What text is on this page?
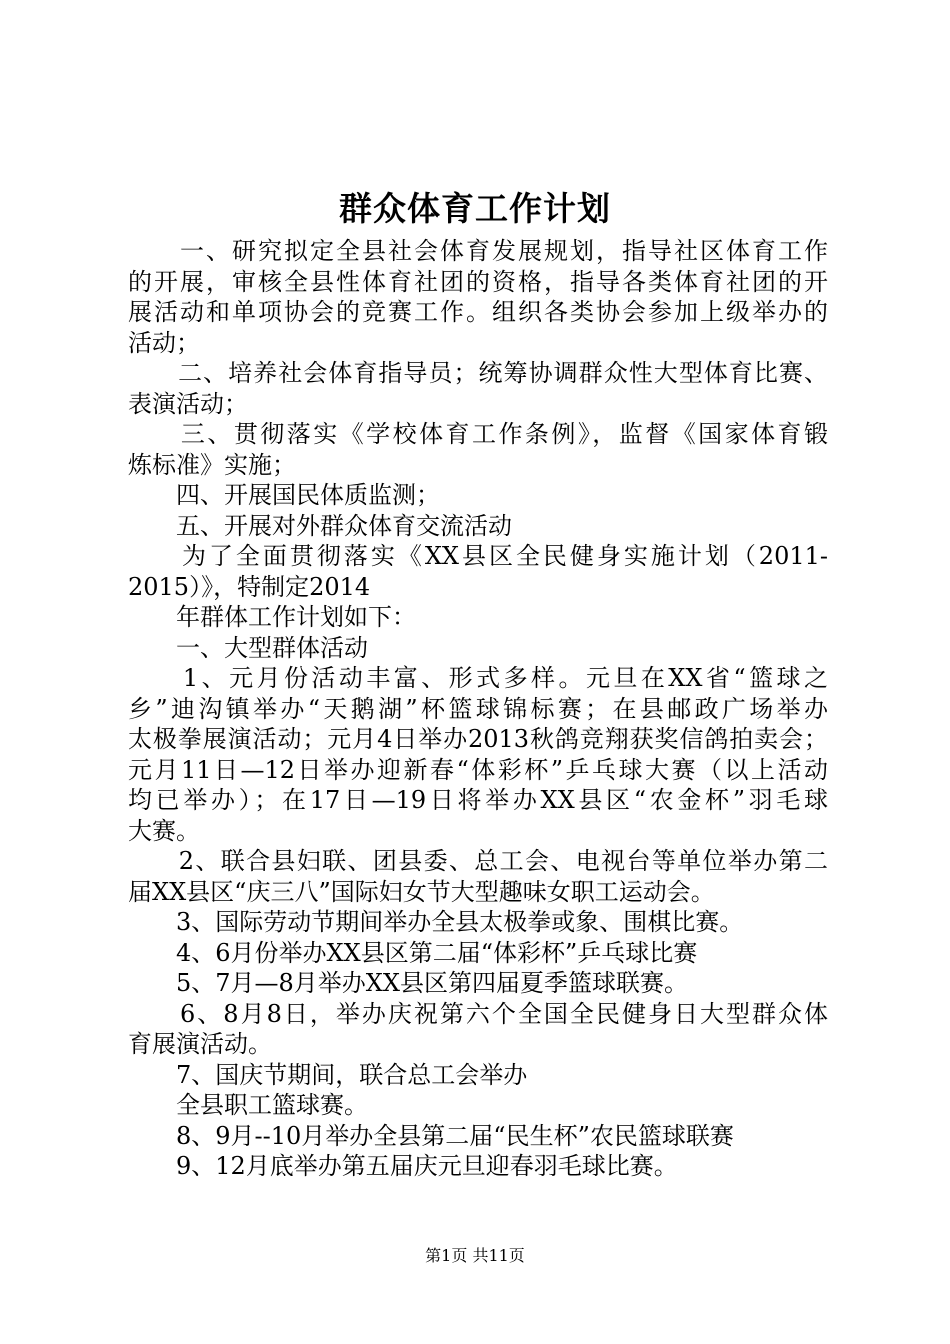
群众体育工作计划
　　一、研究拟定全县社会体育发展规划，指导社区体育工作
的开展，审核全县性体育社团的资格，指导各类体育社团的开
展活动和单项协会的竞赛工作。组织各类协会参加上级举办的
活动；
　　二、培养社会体育指导员；统筹协调群众性大型体育比赛、
表演活动；
　　三、贯彻落实《学校体育工作条例》，监督《国家体育锻
炼标准》实施；
　　四、开展国民体质监测；
　　五、开展对外群众体育交流活动
　　为了全面贯彻落实《XX县区全民健身实施计划（2011-
2015）》，特制定2014
　　年群体工作计划如下：
　　一、大型群体活动
　　1、元月份活动丰富、形式多样。元旦在XX省“篮球之
乡”迪沟镇举办“天鹅湖”杯篮球锦标赛；在县邮政广场举办
太极拳展演活动；元月4日举办2013秋鸽竞翔获奖信鸽拍卖会；
元月11日—12日举办迎新春“体彩杯”乒乓球大赛（以上活动
均已举办）；在17日—19日将举办XX县区“农金杯”羽毛球
大赛。
　　2、联合县妇联、团县委、总工会、电视台等单位举办第二
届XX县区“庆三八”国际妇女节大型趣味女职工运动会。
　　3、国际劳动节期间举办全县太极拳或象、围棋比赛。
　　4、6月份举办XX县区第二届“体彩杯”乒乓球比赛
　　5、7月—8月举办XX县区第四届夏季篮球联赛。
　　6、8月8日，举办庆祝第六个全国全民健身日大型群众体
育展演活动。
　　7、国庆节期间，联合总工会举办
　　全县职工篮球赛。
　　8、9月--10月举办全县第二届“民生杯”农民篮球联赛
　　9、12月底举办第五届庆元旦迎春羽毛球比赛。
第1页 共11页
